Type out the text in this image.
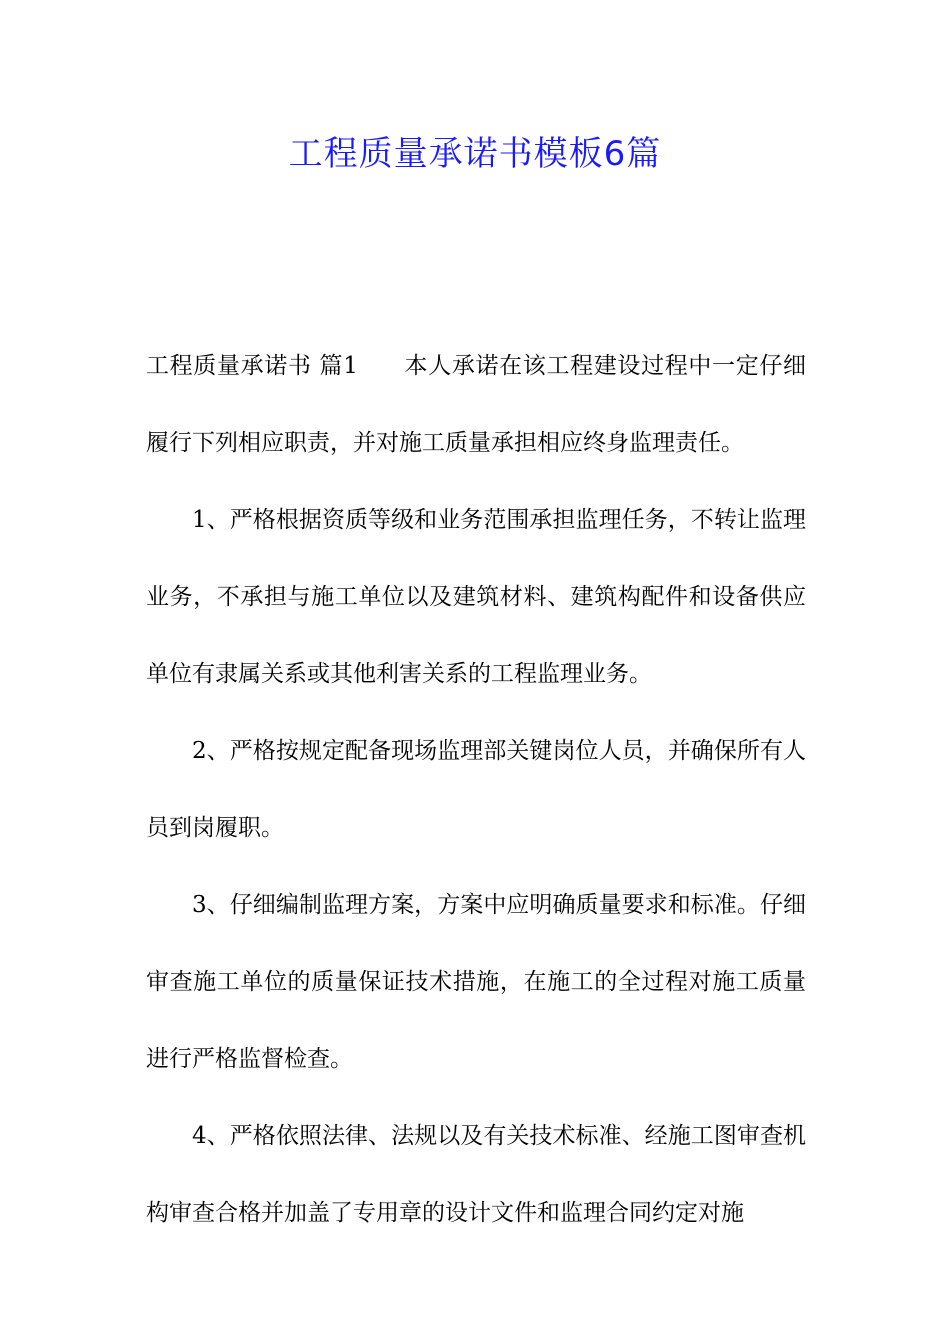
工程质量承诺书模板6篇

工程质量承诺书 篇1 本人承诺在该工程建设过程中一定仔细履行下列相应职责，并对施工质量承担相应终身监理责任。

1、严格根据资质等级和业务范围承担监理任务，不转让监理业务，不承担与施工单位以及建筑材料、建筑构配件和设备供应单位有隶属关系或其他利害关系的工程监理业务。

2、严格按规定配备现场监理部关键岗位人员，并确保所有人员到岗履职。

3、仔细编制监理方案，方案中应明确质量要求和标准。仔细审查施工单位的质量保证技术措施，在施工的全过程对施工质量进行严格监督检查。

4、严格依照法律、法规以及有关技术标准、经施工图审查机构审查合格并加盖了专用章的设计文件和监理合同约定对施
